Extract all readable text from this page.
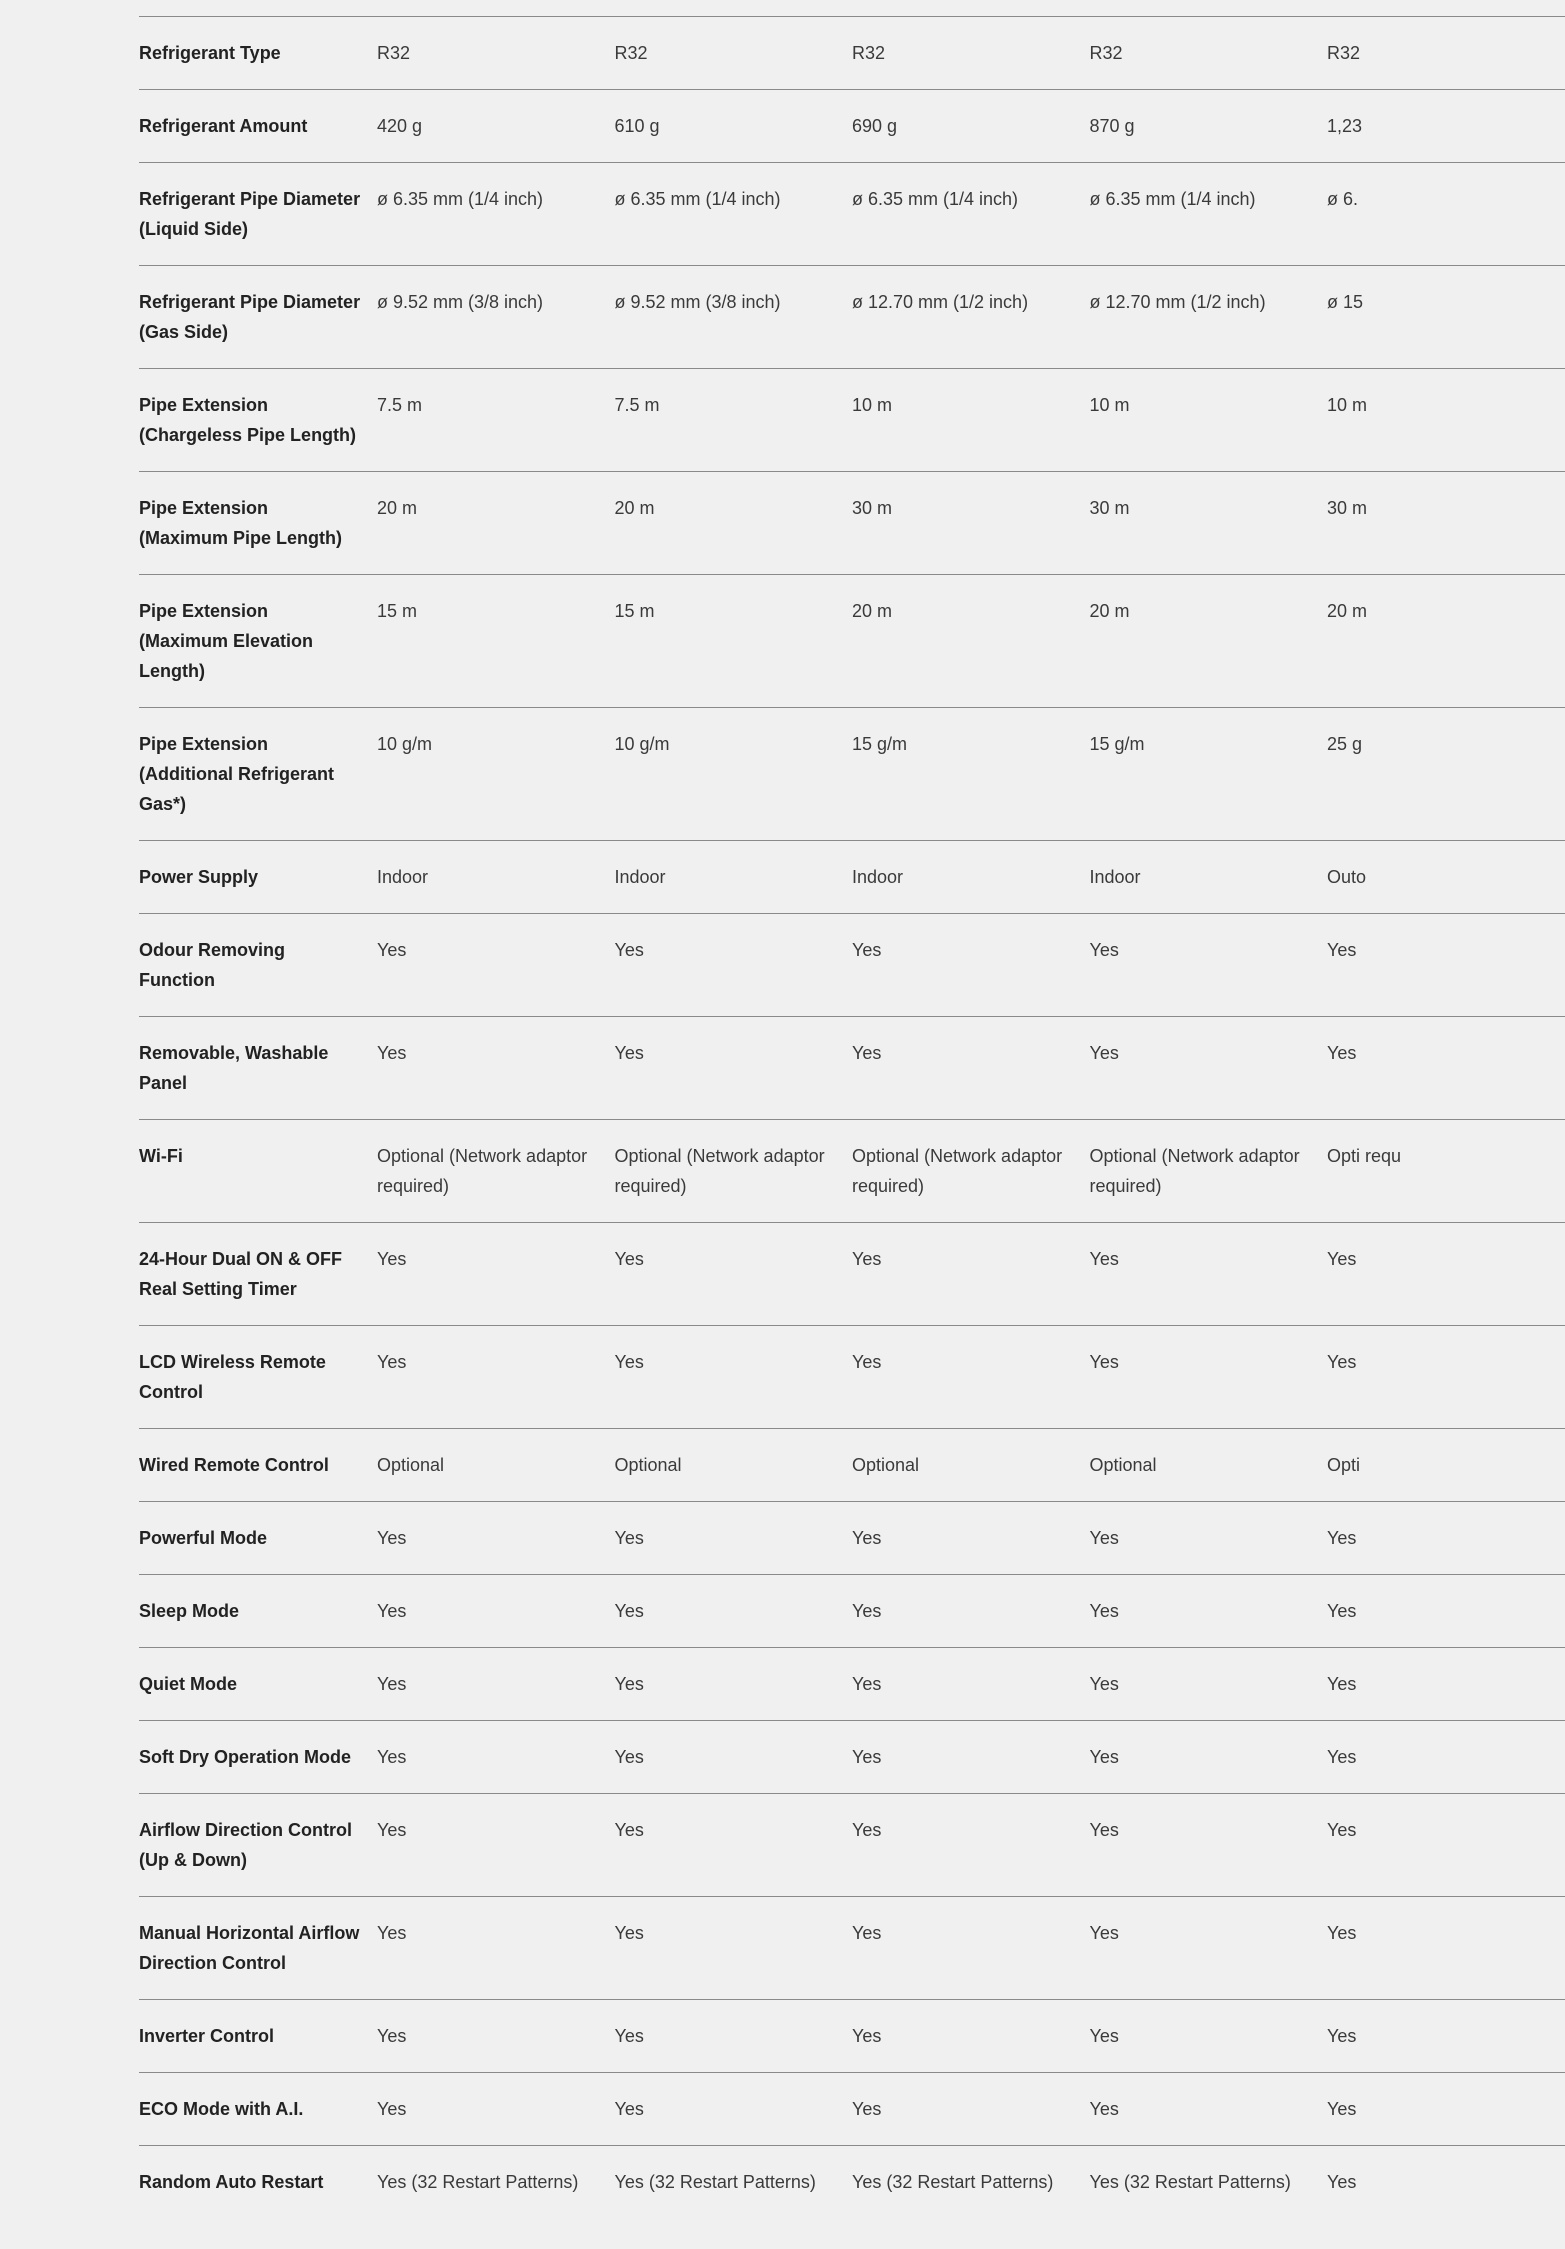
Refrigerant Type	R32	R32	R32	R32	R32
Refrigerant Amount	420 g	610 g	690 g	870 g	1,23
Refrigerant Pipe Diameter (Liquid Side)	ø 6.35 mm (1/4 inch)	ø 6.35 mm (1/4 inch)	ø 6.35 mm (1/4 inch)	ø 6.35 mm (1/4 inch)	ø 6.
Refrigerant Pipe Diameter (Gas Side)	ø 9.52 mm (3/8 inch)	ø 9.52 mm (3/8 inch)	ø 12.70 mm (1/2 inch)	ø 12.70 mm (1/2 inch)	ø 15
Pipe Extension (Chargeless Pipe Length)	7.5 m	7.5 m	10 m	10 m	10 m
Pipe Extension (Maximum Pipe Length)	20 m	20 m	30 m	30 m	30 m
Pipe Extension (Maximum Elevation Length)	15 m	15 m	20 m	20 m	20 m
Pipe Extension (Additional Refrigerant Gas*)	10 g/m	10 g/m	15 g/m	15 g/m	25 g
Power Supply	Indoor	Indoor	Indoor	Indoor	Outo
Odour Removing Function	Yes	Yes	Yes	Yes	Yes
Removable, Washable Panel	Yes	Yes	Yes	Yes	Yes
Wi-Fi	Optional (Network adaptor required)	Optional (Network adaptor required)	Optional (Network adaptor required)	Optional (Network adaptor required)	Opti requ
24-Hour Dual ON & OFF Real Setting Timer	Yes	Yes	Yes	Yes	Yes
LCD Wireless Remote Control	Yes	Yes	Yes	Yes	Yes
Wired Remote Control	Optional	Optional	Optional	Optional	Opti
Powerful Mode	Yes	Yes	Yes	Yes	Yes
Sleep Mode	Yes	Yes	Yes	Yes	Yes
Quiet Mode	Yes	Yes	Yes	Yes	Yes
Soft Dry Operation Mode	Yes	Yes	Yes	Yes	Yes
Airflow Direction Control (Up & Down)	Yes	Yes	Yes	Yes	Yes
Manual Horizontal Airflow Direction Control	Yes	Yes	Yes	Yes	Yes
Inverter Control	Yes	Yes	Yes	Yes	Yes
ECO Mode with A.I.	Yes	Yes	Yes	Yes	Yes
Random Auto Restart	Yes (32 Restart Patterns)	Yes (32 Restart Patterns)	Yes (32 Restart Patterns)	Yes (32 Restart Patterns)	Yes
